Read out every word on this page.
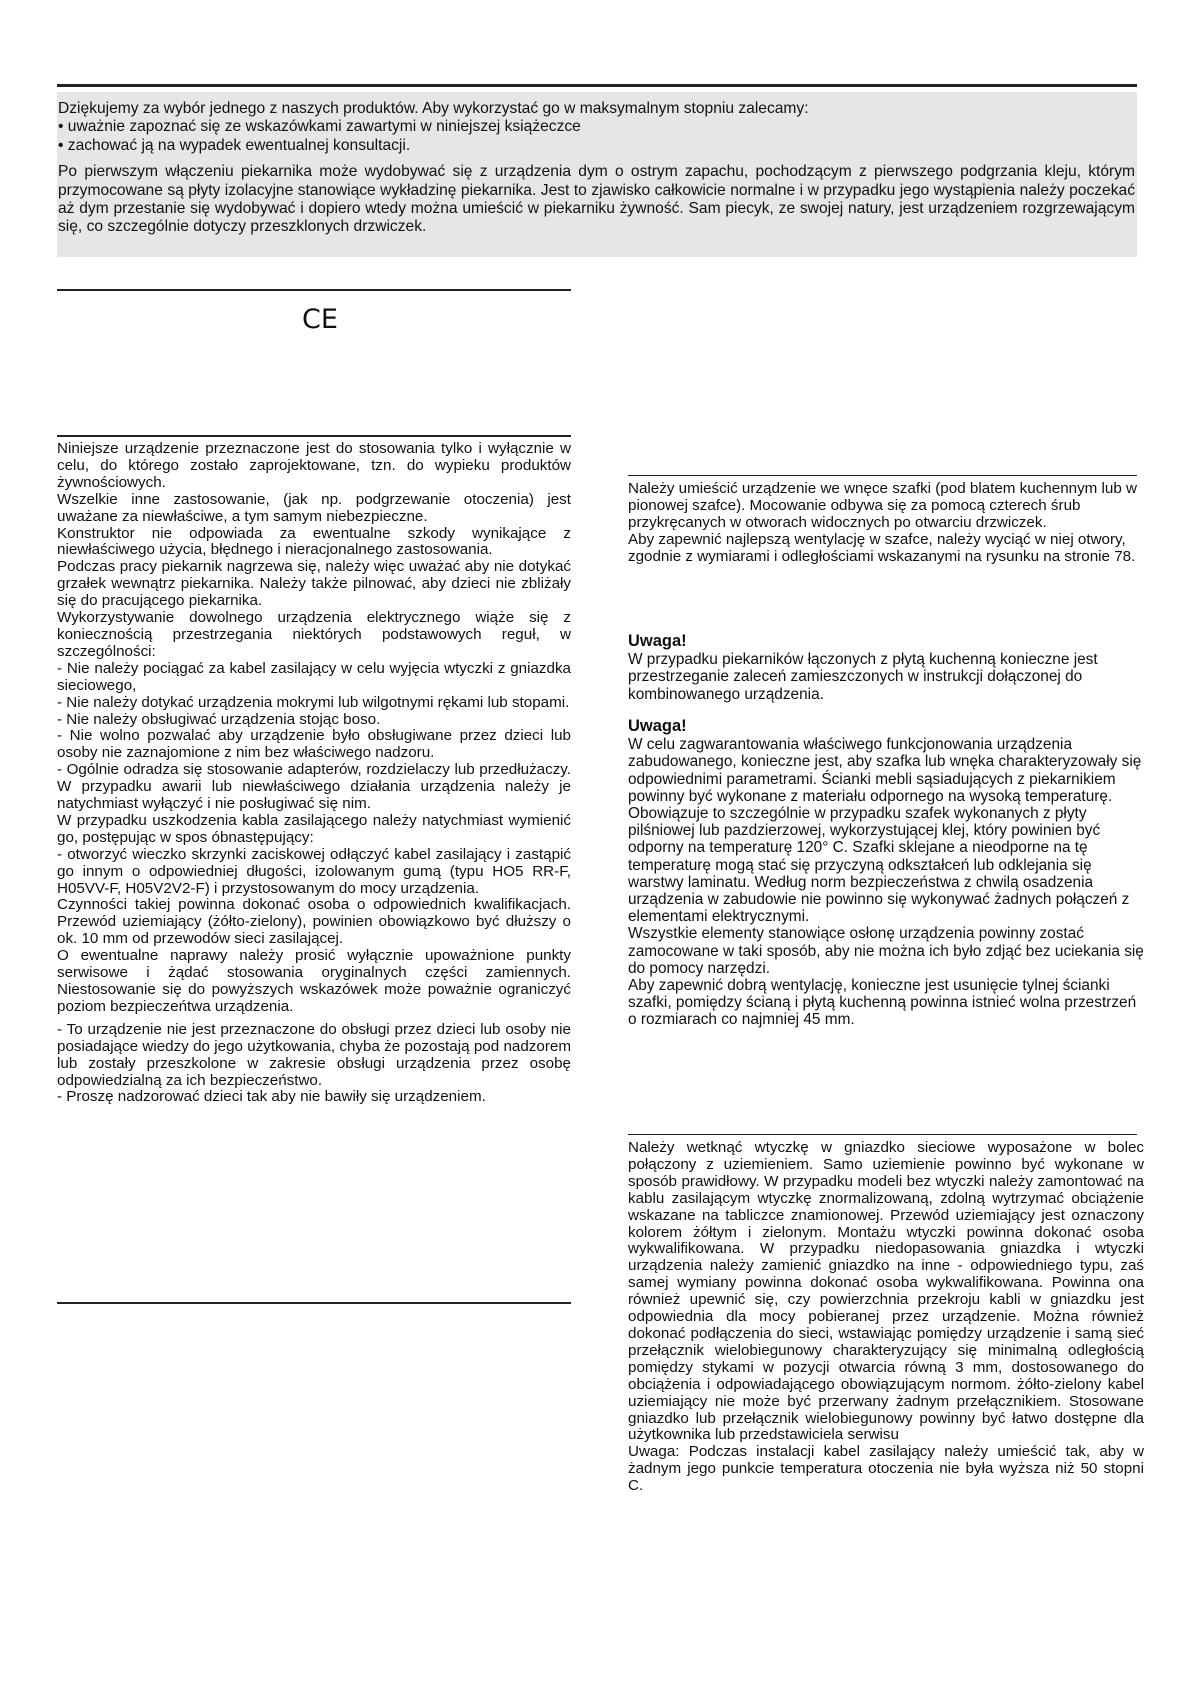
Dziękujemy za wybór jednego z naszych produktów. Aby wykorzystać go w maksymalnym stopniu zalecamy:

• uważnie zapoznać się ze wskazówkami zawartymi w niniejszej książeczce

• zachować ją na wypadek ewentualnej konsultacji.

Po pierwszym włączeniu piekarnika może wydobywać się z urządzenia dym o ostrym zapachu, pochodzącym z pierwszego podgrzania kleju, którym przymocowane są płyty izolacyjne stanowiące wykładzinę piekarnika. Jest to zjawisko całkowicie normalne i w przypadku jego wystąpienia należy poczekać aż dym przestanie się wydobywać i dopiero wtedy można umieścić w piekarniku żywność. Sam piecyk, ze swojej natury, jest urządzeniem rozgrzewającym się, co szczególnie dotyczy przeszklonych drzwiczek.

CE

Niniejsze urządzenie przeznaczone jest do stosowania tylko i wyłącznie w celu, do którego zostało zaprojektowane, tzn. do wypieku produktów żywnościowych.

Wszelkie inne zastosowanie, (jak np. podgrzewanie otoczenia) jest uważane za niewłaściwe, a tym samym niebezpieczne.

Konstruktor nie odpowiada za ewentualne szkody wynikające z niewłaściwego użycia, błędnego i nieracjonalnego zastosowania.

Podczas pracy piekarnik nagrzewa się, należy więc uważać aby nie dotykać grzałek wewnątrz piekarnika. Należy także pilnować, aby dzieci nie zbliżały się do pracującego piekarnika.

Wykorzystywanie dowolnego urządzenia elektrycznego wiąże się z koniecznością przestrzegania niektórych podstawowych reguł, w szczególności:

- Nie należy pociągać za kabel zasilający w celu wyjęcia wtyczki z gniazdka sieciowego,

- Nie należy dotykać urządzenia mokrymi lub wilgotnymi rękami lub stopami.

- Nie należy obsługiwać urządzenia stojąc boso.

- Nie wolno pozwalać aby urządzenie było obsługiwane przez dzieci lub osoby nie zaznajomione z nim bez właściwego nadzoru.

- Ogólnie odradza się stosowanie adapterów, rozdzielaczy lub przedłużaczy. W przypadku awarii lub niewłaściwego działania urządzenia należy je natychmiast wyłączyć i nie posługiwać się nim.

W przypadku uszkodzenia kabla zasilającego należy natychmiast wymienić go, postępując w spos óbnastępujący:

- otworzyć wieczko skrzynki zaciskowej odłączyć kabel zasilający i zastąpić go innym o odpowiedniej długości, izolowanym gumą (typu HO5 RR-F, H05VV-F, H05V2V2-F) i przystosowanym do mocy urządzenia.

Czynności takiej powinna dokonać osoba o odpowiednich kwalifikacjach. Przewód uziemiający (żółto-zielony), powinien obowiązkowo być dłuższy o ok. 10 mm od przewodów sieci zasilającej.

O ewentualne naprawy należy prosić wyłącznie upoważnione punkty serwisowe i żądać stosowania oryginalnych części zamiennych. Niestosowanie się do powyższych wskazówek może poważnie ograniczyć poziom bezpieczeńtwa urządzenia.

- To urządzenie nie jest przeznaczone do obsługi przez dzieci lub osoby nie posiadające wiedzy do jego użytkowania, chyba że pozostają pod nadzorem lub zostały przeszkolone w zakresie obsługi urządzenia przez osobę odpowiedzialną za ich bezpieczeństwo.

- Proszę nadzorować dzieci tak aby nie bawiły się urządzeniem.

Należy umieścić urządzenie we wnęce szafki (pod blatem kuchennym lub w pionowej szafce). Mocowanie odbywa się za pomocą czterech śrub przykręcanych w otworach widocznych po otwarciu drzwiczek.

Aby zapewnić najlepszą wentylację w szafce, należy wyciąć w niej otwory, zgodnie z wymiarami i odległościami wskazanymi na rysunku na stronie 78.

Uwaga!

W przypadku piekarników łączonych z płytą kuchenną konieczne jest przestrzeganie zaleceń zamieszczonych w instrukcji dołączonej do kombinowanego urządzenia.

Uwaga!

W celu zagwarantowania właściwego funkcjonowania urządzenia zabudowanego, konieczne jest, aby szafka lub wnęka charakteryzowały się odpowiednimi parametrami. Ścianki mebli sąsiadujących z piekarnikiem powinny być wykonane z materiału odpornego na wysoką temperaturę. Obowiązuje to szczególnie w przypadku szafek wykonanych z płyty pilśniowej lub pazdzierzowej, wykorzystującej klej, który powinien być odporny na temperaturę 120° C. Szafki sklejane a nieodporne na tę temperaturę mogą stać się przyczyną odkształceń lub odklejania się warstwy laminatu. Według norm bezpieczeństwa z chwilą osadzenia urządzenia w zabudowie nie powinno się wykonywać żadnych połączeń z elementami elektrycznymi.

Wszystkie elementy stanowiące osłonę urządzenia powinny zostać zamocowane w taki sposób, aby nie można ich było zdjąć bez uciekania się do pomocy narzędzi.

Aby zapewnić dobrą wentylację, konieczne jest usunięcie tylnej ścianki szafki, pomiędzy ścianą i płytą kuchenną powinna istnieć wolna przestrzeń o rozmiarach co najmniej 45 mm.

Należy wetknąć wtyczkę w gniazdko sieciowe wyposażone w bolec połączony z uziemieniem. Samo uziemienie powinno być wykonane w sposób prawidłowy. W przypadku modeli bez wtyczki należy zamontować na kablu zasilającym wtyczkę znormalizowaną, zdolną wytrzymać obciążenie wskazane na tabliczce znamionowej. Przewód uziemiający jest oznaczony kolorem żółtym i zielonym. Montażu wtyczki powinna dokonać osoba wykwalifikowana. W przypadku niedopasowania gniazdka i wtyczki urządzenia należy zamienić gniazdko na inne - odpowiedniego typu, zaś samej wymiany powinna dokonać osoba wykwalifikowana. Powinna ona również upewnić się, czy powierzchnia przekroju kabli w gniazdku jest odpowiednia dla mocy pobieranej przez urządzenie. Można również dokonać podłączenia do sieci, wstawiając pomiędzy urządzenie i samą sieć przełącznik wielobiegunowy charakteryzujący się minimalną odległością pomiędzy stykami w pozycji otwarcia równą 3 mm, dostosowanego do obciążenia i odpowiadającego obowiązującym normom. żółto-zielony kabel uziemiający nie może być przerwany żadnym przełącznikiem. Stosowane gniazdko lub przełącznik wielobiegunowy powinny być łatwo dostępne dla użytkownika lub przedstawiciela serwisu

Uwaga: Podczas instalacji kabel zasilający należy umieścić tak, aby w żadnym jego punkcie temperatura otoczenia nie była wyższa niż 50 stopni C.
